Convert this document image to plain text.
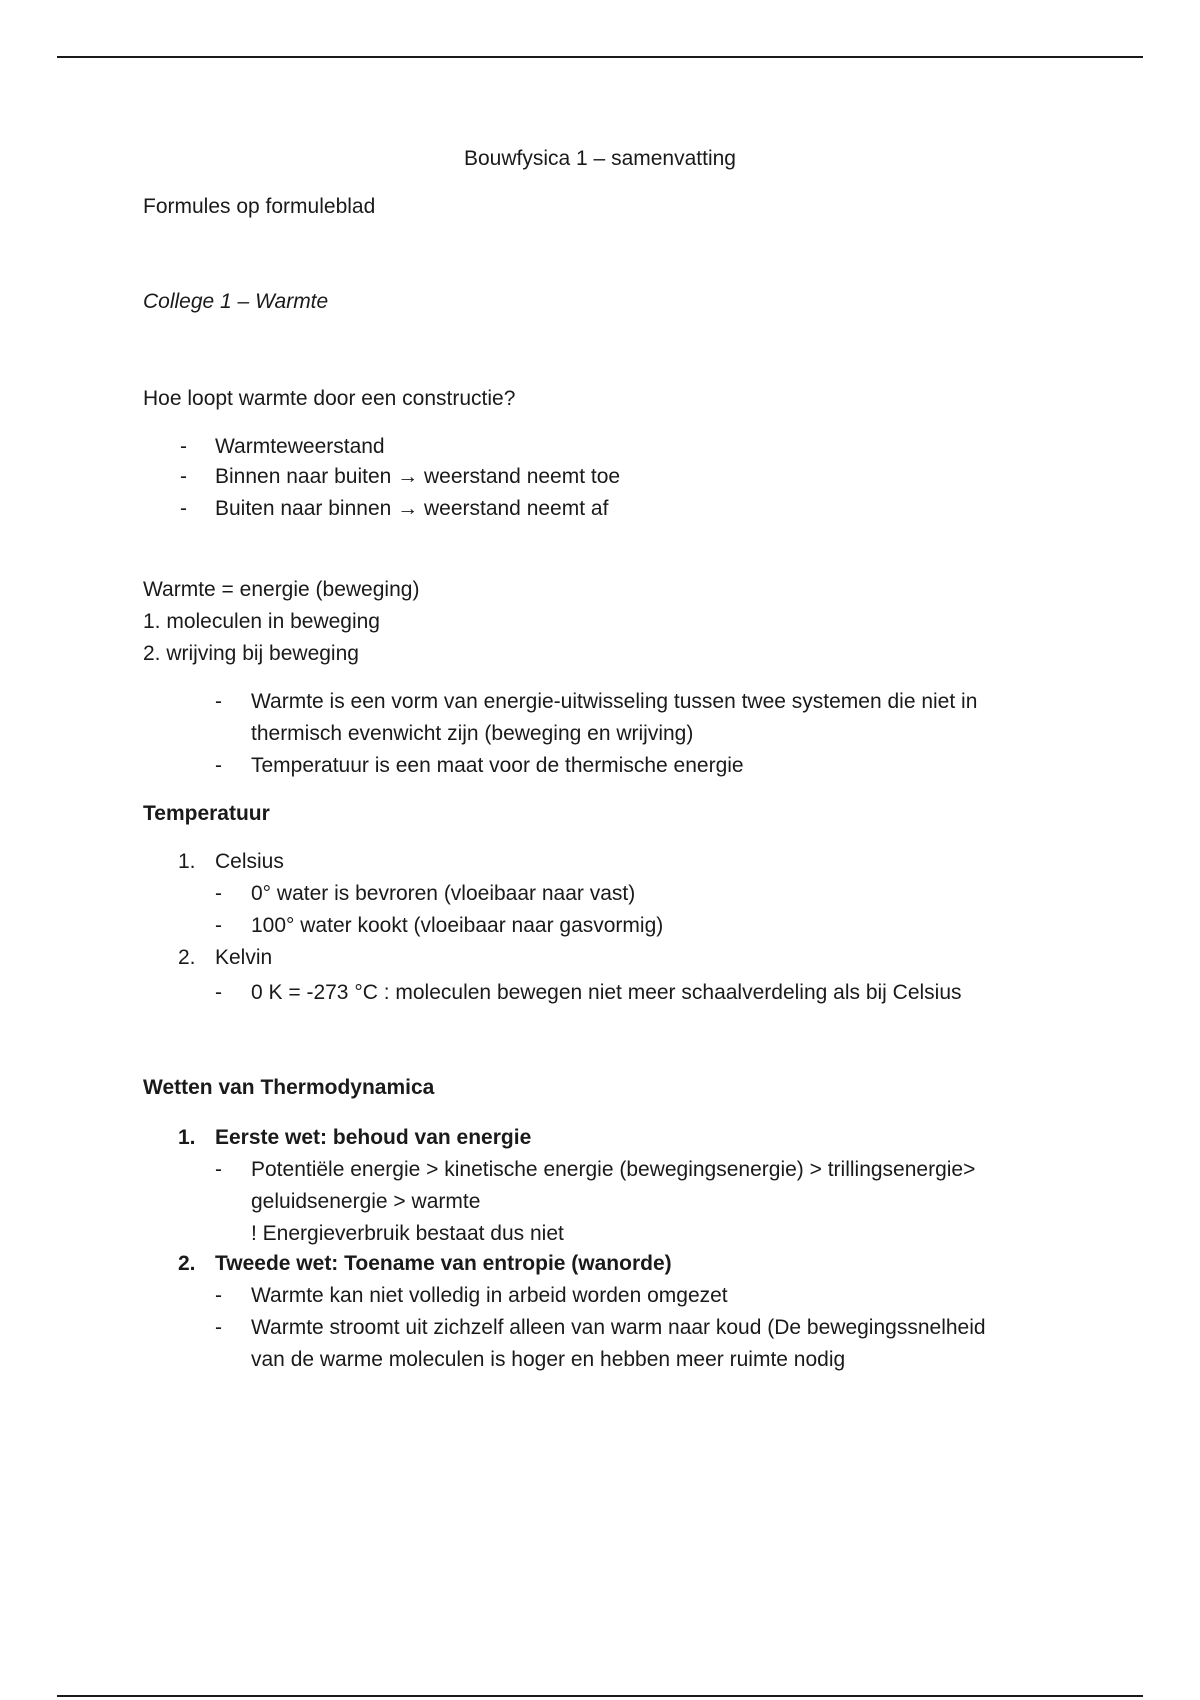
Bouwfysica 1 – samenvatting
Formules op formuleblad
College 1 – Warmte
Hoe loopt warmte door een constructie?
- Warmteweerstand
- Binnen naar buiten → weerstand neemt toe
- Buiten naar binnen → weerstand neemt af
Warmte = energie (beweging)
1. moleculen in beweging
2. wrijving bij beweging
- Warmte is een vorm van energie-uitwisseling tussen twee systemen die niet in
thermisch evenwicht zijn (beweging en wrijving)
- Temperatuur is een maat voor de thermische energie
Temperatuur
1. Celsius
- 0° water is bevroren (vloeibaar naar vast)
- 100° water kookt (vloeibaar naar gasvormig)
2. Kelvin
- 0 K = -273 °C : moleculen bewegen niet meer schaalverdeling als bij Celsius
Wetten van Thermodynamica
1. Eerste wet: behoud van energie
- Potentiële energie > kinetische energie (bewegingsenergie) > trillingsenergie>
geluidsenergie > warmte
! Energieverbruik bestaat dus niet
2. Tweede wet: Toename van entropie (wanorde)
- Warmte kan niet volledig in arbeid worden omgezet
- Warmte stroomt uit zichzelf alleen van warm naar koud (De bewegingssnelheid
van de warme moleculen is hoger en hebben meer ruimte nodig
